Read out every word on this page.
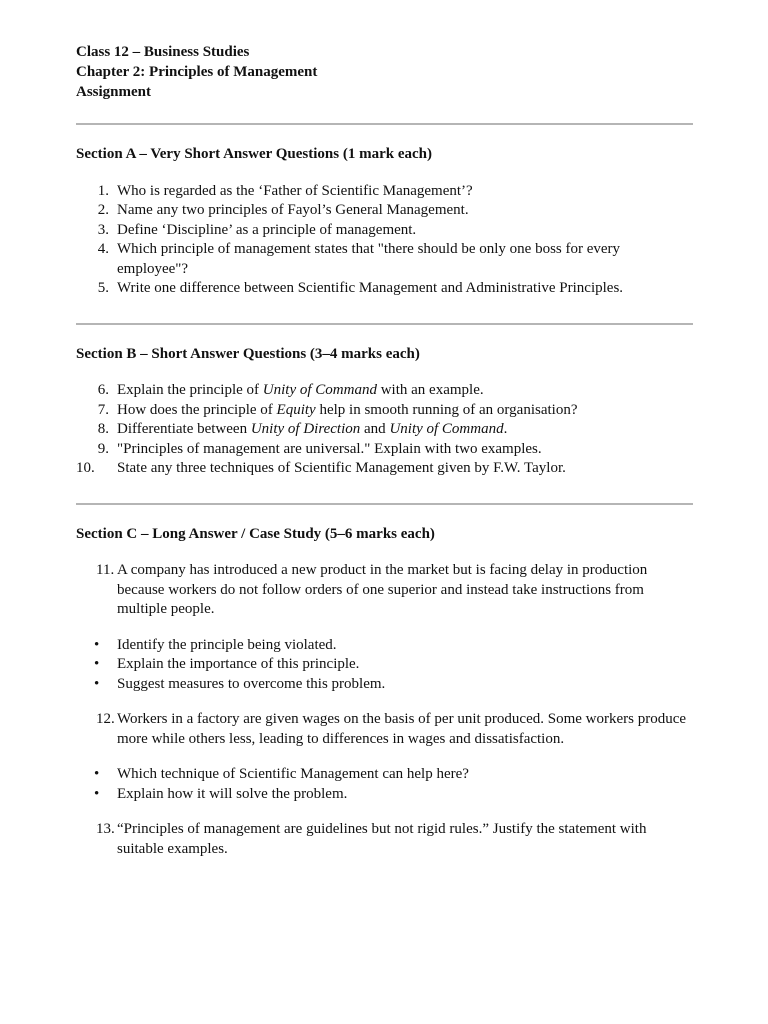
Class 12 – Business Studies

Chapter 2: Principles of Management

Assignment

Section A – Very Short Answer Questions (1 mark each)

1. Who is regarded as the ‘Father of Scientific Management’?
2. Name any two principles of Fayol’s General Management.
3. Define ‘Discipline’ as a principle of management.
4. Which principle of management states that "there should be only one boss for every employee"?
5. Write one difference between Scientific Management and Administrative Principles.

Section B – Short Answer Questions (3–4 marks each)

6. Explain the principle of Unity of Command with an example.
7. How does the principle of Equity help in smooth running of an organisation?
8. Differentiate between Unity of Direction and Unity of Command.
9. "Principles of management are universal." Explain with two examples.
10.	State any three techniques of Scientific Management given by F.W. Taylor.

Section C – Long Answer / Case Study (5–6 marks each)

11. A company has introduced a new product in the market but is facing delay in production because workers do not follow orders of one superior and instead take instructions from multiple people.

• Identify the principle being violated.
• Explain the importance of this principle.
• Suggest measures to overcome this problem.

12. Workers in a factory are given wages on the basis of per unit produced. Some workers produce more while others less, leading to differences in wages and dissatisfaction.

• Which technique of Scientific Management can help here?
• Explain how it will solve the problem.

13. “Principles of management are guidelines but not rigid rules.” Justify the statement with suitable examples.
